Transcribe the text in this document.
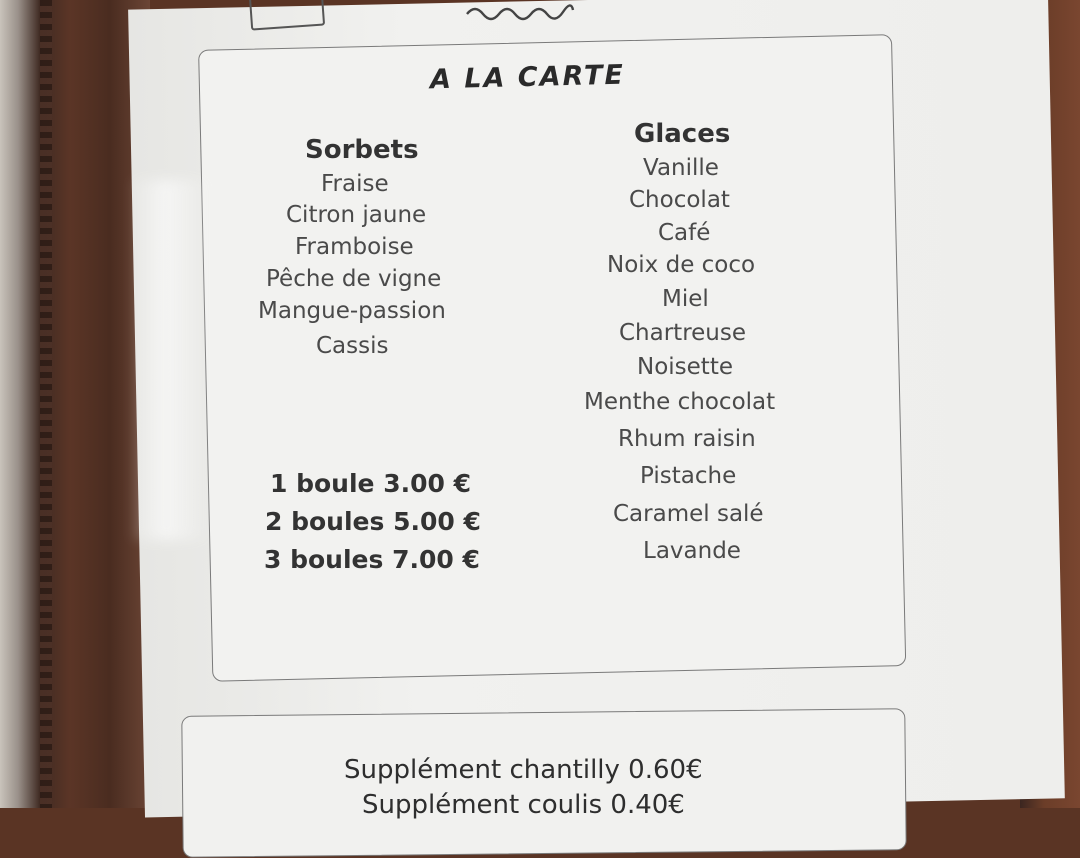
A LA CARTE
Sorbets
Fraise
Citron jaune
Framboise
Pêche de vigne
Mangue-passion
Cassis
Glaces
Vanille
Chocolat
Café
Noix de coco
Miel
Chartreuse
Noisette
Menthe chocolat
Rhum raisin
Pistache
Caramel salé
Lavande
1 boule 3.00 €
2 boules 5.00 €
3 boules 7.00 €
Supplément chantilly 0.60€
Supplément coulis 0.40€
